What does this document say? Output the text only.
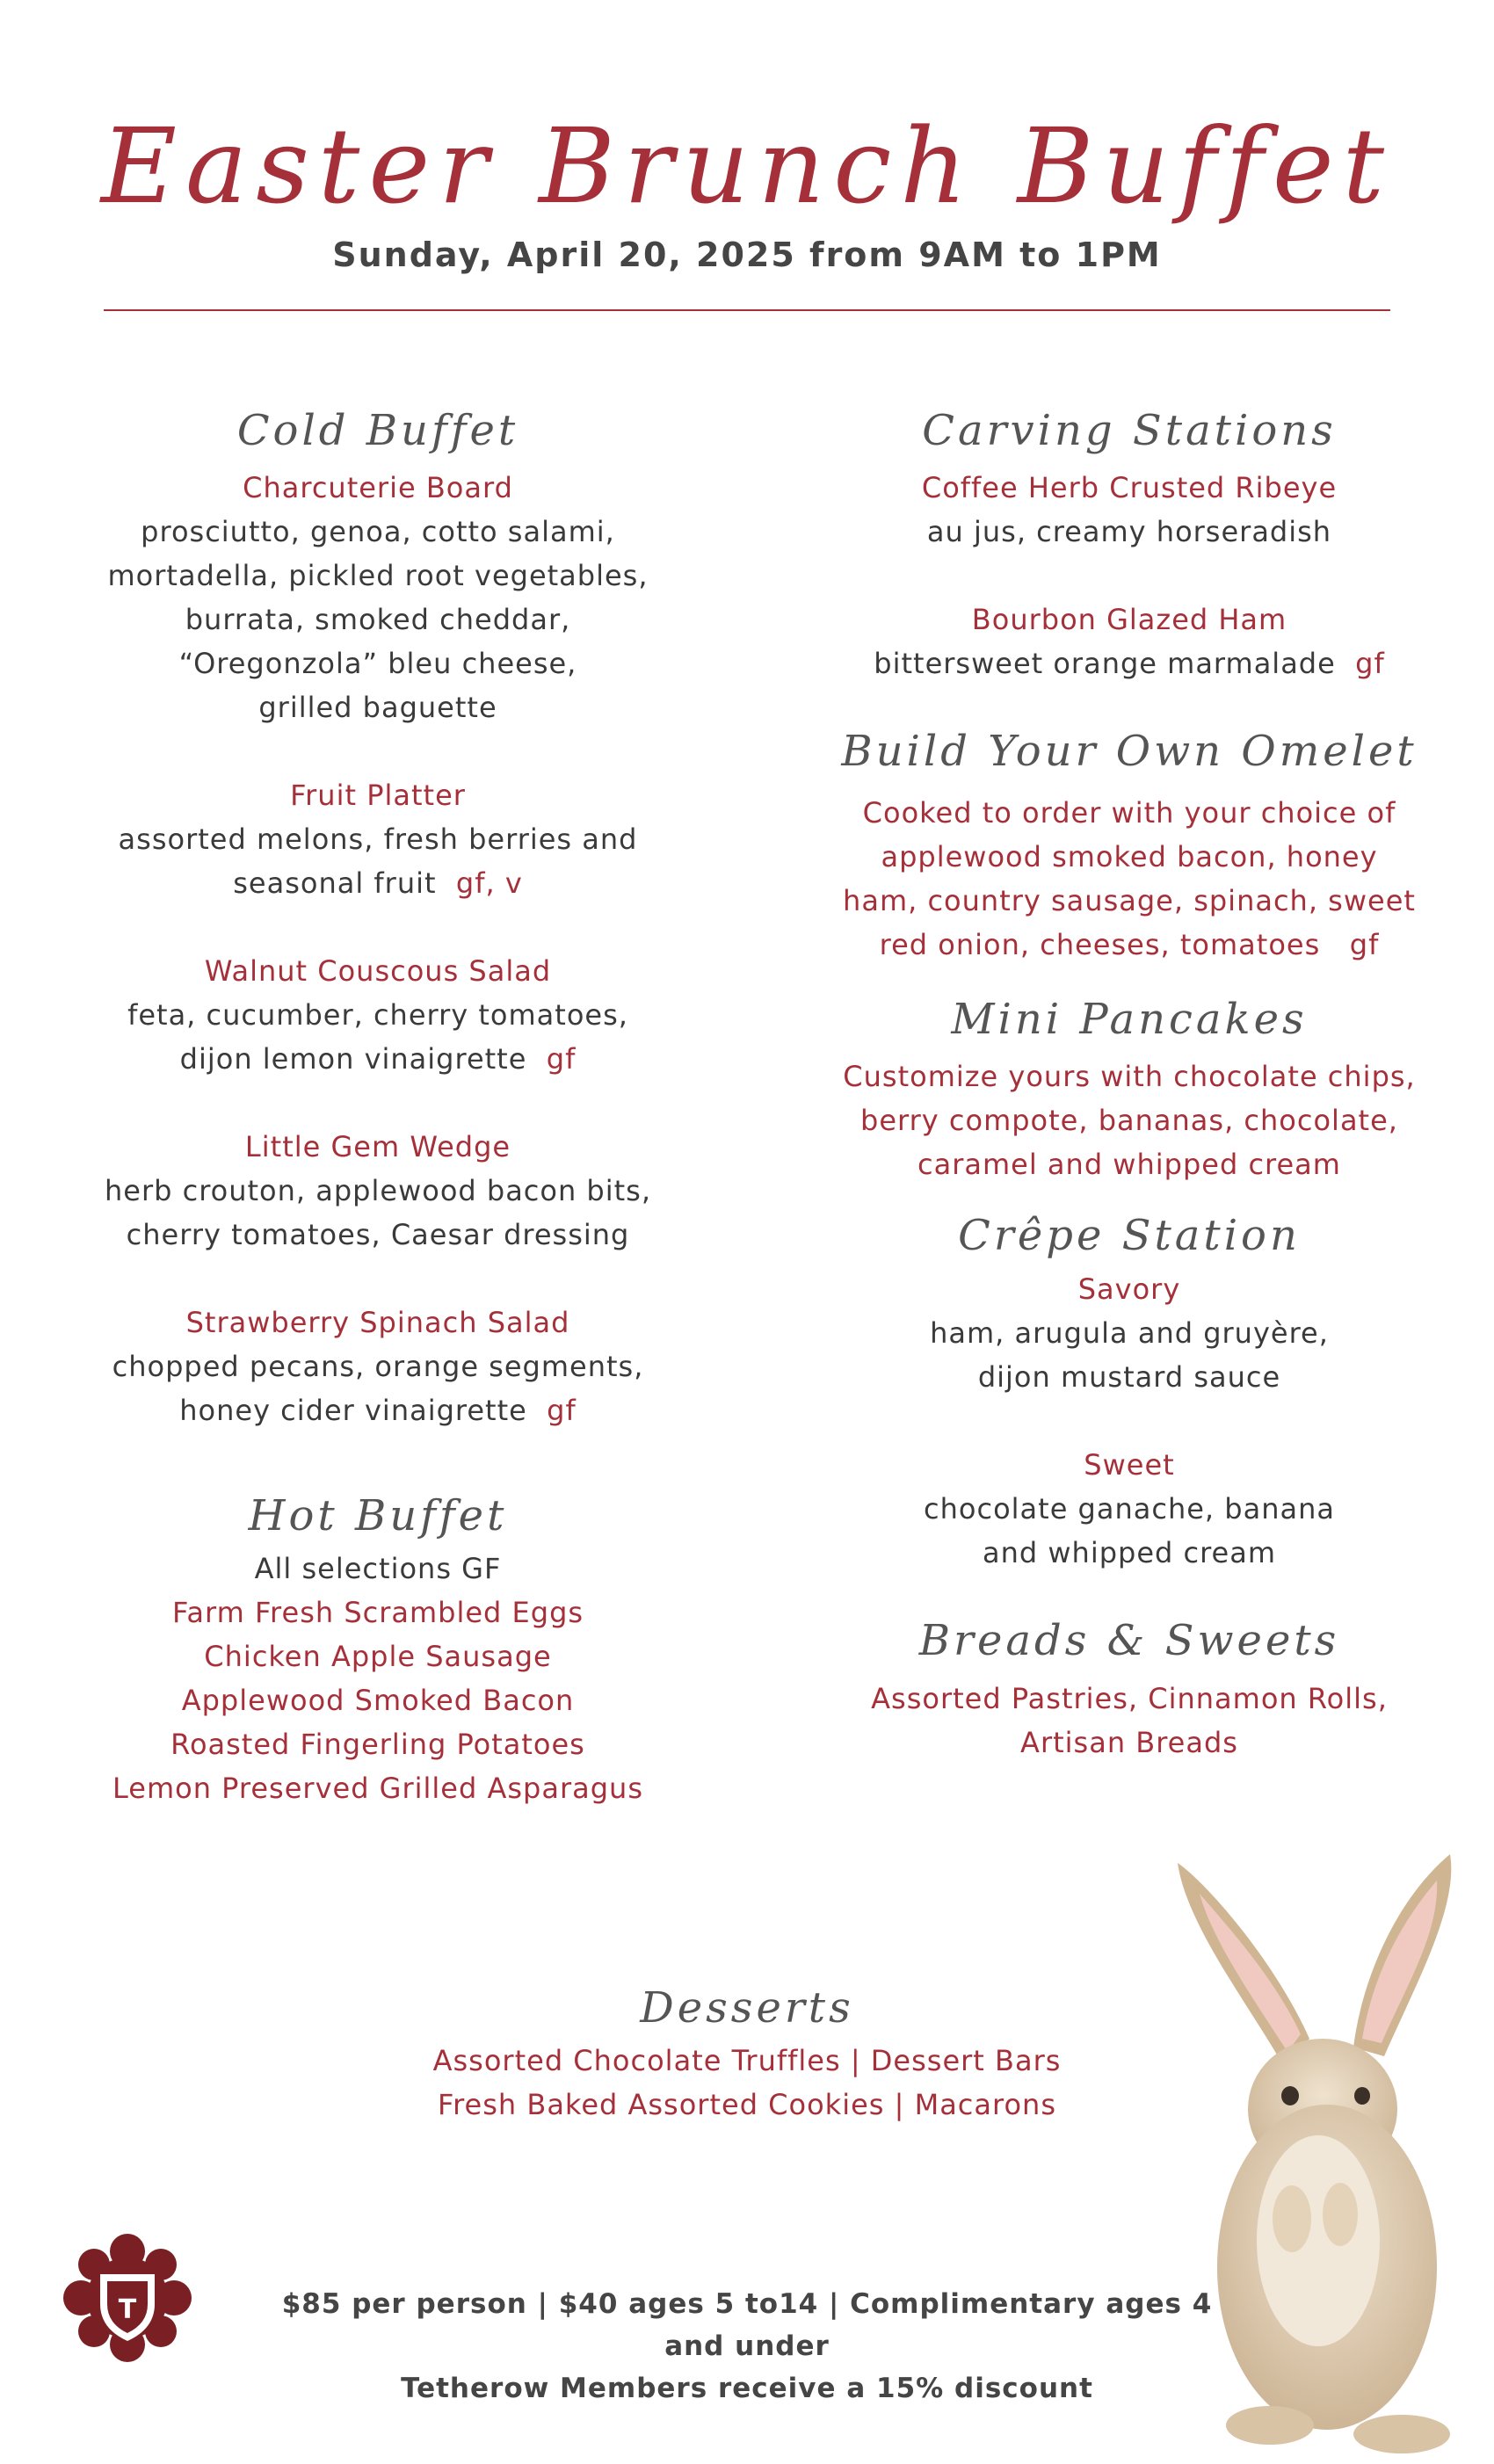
Easter Brunch Buffet
Sunday, April 20, 2025 from 9AM to 1PM
Cold Buffet
Charcuterie Board
prosciutto, genoa, cotto salami,
mortadella, pickled root vegetables,
burrata, smoked cheddar,
“Oregonzola” bleu cheese,
grilled baguette
Fruit Platter
assorted melons, fresh berries and
seasonal fruit gf, v
Walnut Couscous Salad
feta, cucumber, cherry tomatoes,
dijon lemon vinaigrette gf
Little Gem Wedge
herb crouton, applewood bacon bits,
cherry tomatoes, Caesar dressing
Strawberry Spinach Salad
chopped pecans, orange segments,
honey cider vinaigrette gf
Hot Buffet
All selections GF
Farm Fresh Scrambled Eggs
Chicken Apple Sausage
Applewood Smoked Bacon
Roasted Fingerling Potatoes
Lemon Preserved Grilled Asparagus
Carving Stations
Coffee Herb Crusted Ribeye
au jus, creamy horseradish
Bourbon Glazed Ham
bittersweet orange marmalade gf
Build Your Own Omelet
Cooked to order with your choice of
applewood smoked bacon, honey
ham, country sausage, spinach, sweet
red onion, cheeses, tomatoes gf
Mini Pancakes
Customize yours with chocolate chips,
berry compote, bananas, chocolate,
caramel and whipped cream
Crêpe Station
Savory
ham, arugula and gruyère,
dijon mustard sauce
Sweet
chocolate ganache, banana
and whipped cream
Breads & Sweets
Assorted Pastries, Cinnamon Rolls,
Artisan Breads
Desserts
Assorted Chocolate Truffles | Dessert Bars
Fresh Baked Assorted Cookies | Macarons
T	$85 per person | $40 ages 5 to14 | Complimentary ages 4 and under
Tetherow Members receive a 15% discount
